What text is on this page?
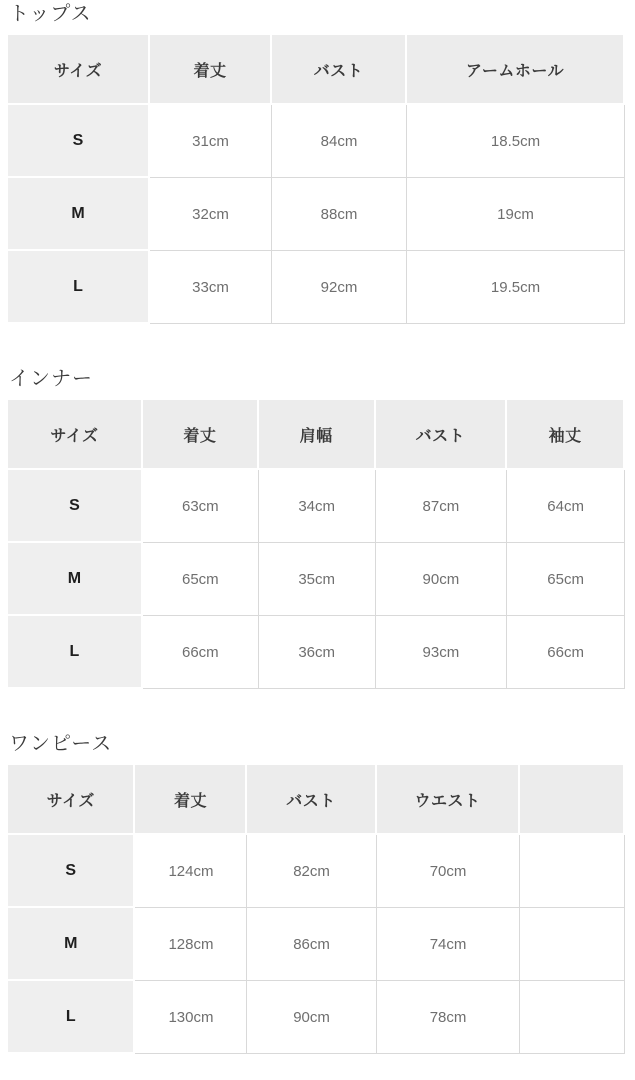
トップス
サイズ	着丈	バスト	アームホール
S	31cm	84cm	18.5cm
M	32cm	88cm	19cm
L	33cm	92cm	19.5cm
インナー
サイズ	着丈	肩幅	バスト	袖丈
S	63cm	34cm	87cm	64cm
M	65cm	35cm	90cm	65cm
L	66cm	36cm	93cm	66cm
ワンピース
サイズ	着丈	バスト	ウエスト	
S	124cm	82cm	70cm	
M	128cm	86cm	74cm	
L	130cm	90cm	78cm	
